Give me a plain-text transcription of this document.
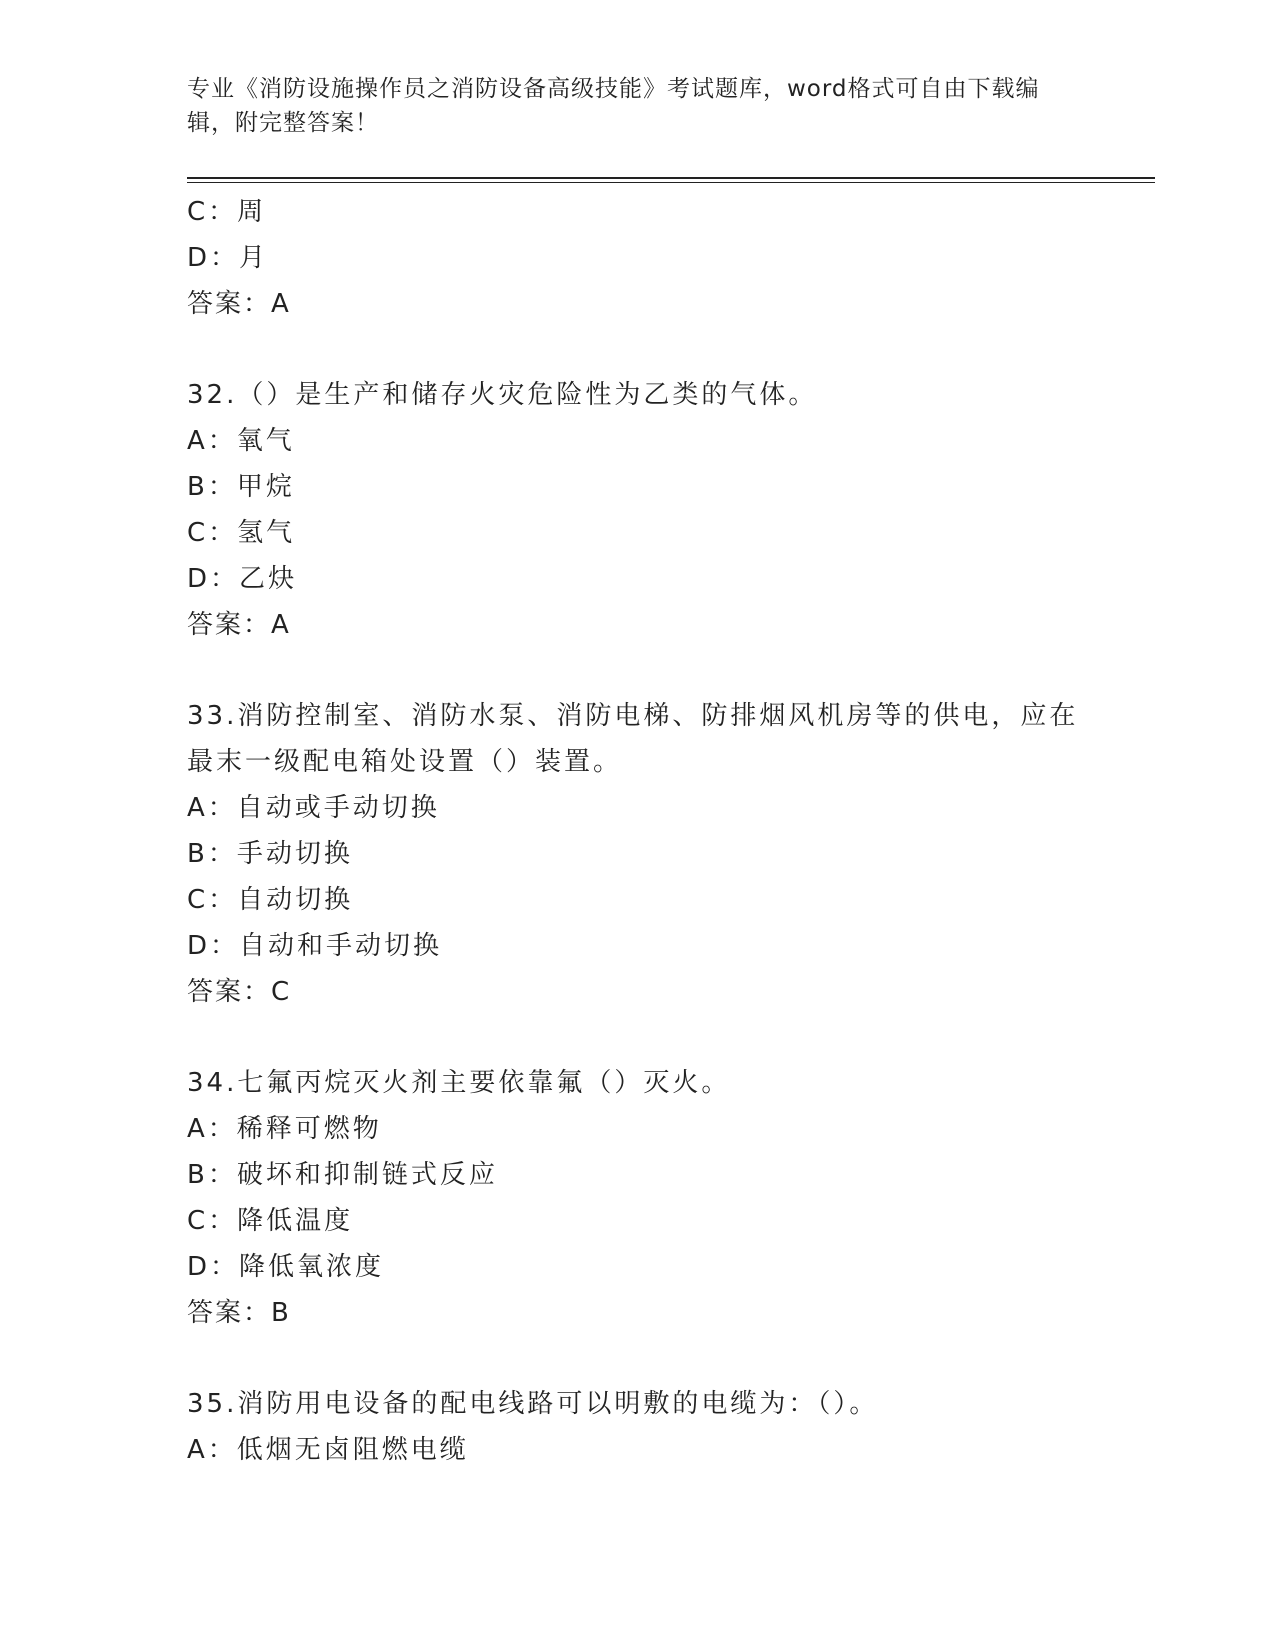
专业《消防设施操作员之消防设备高级技能》考试题库，word格式可自由下载编辑，附完整答案！

C：周
D：月
答案：A
32.（）是生产和储存火灾危险性为乙类的气体。
A：氧气
B：甲烷
C：氢气
D：乙炔
答案：A
33.消防控制室、消防水泵、消防电梯、防排烟风机房等的供电，应在最末一级配电箱处设置（）装置。
A：自动或手动切换
B：手动切换
C：自动切换
D：自动和手动切换
答案：C
34.七氟丙烷灭火剂主要依靠氟（）灭火。
A：稀释可燃物
B：破坏和抑制链式反应
C：降低温度
D：降低氧浓度
答案：B
35.消防用电设备的配电线路可以明敷的电缆为：（）。
A：低烟无卤阻燃电缆
